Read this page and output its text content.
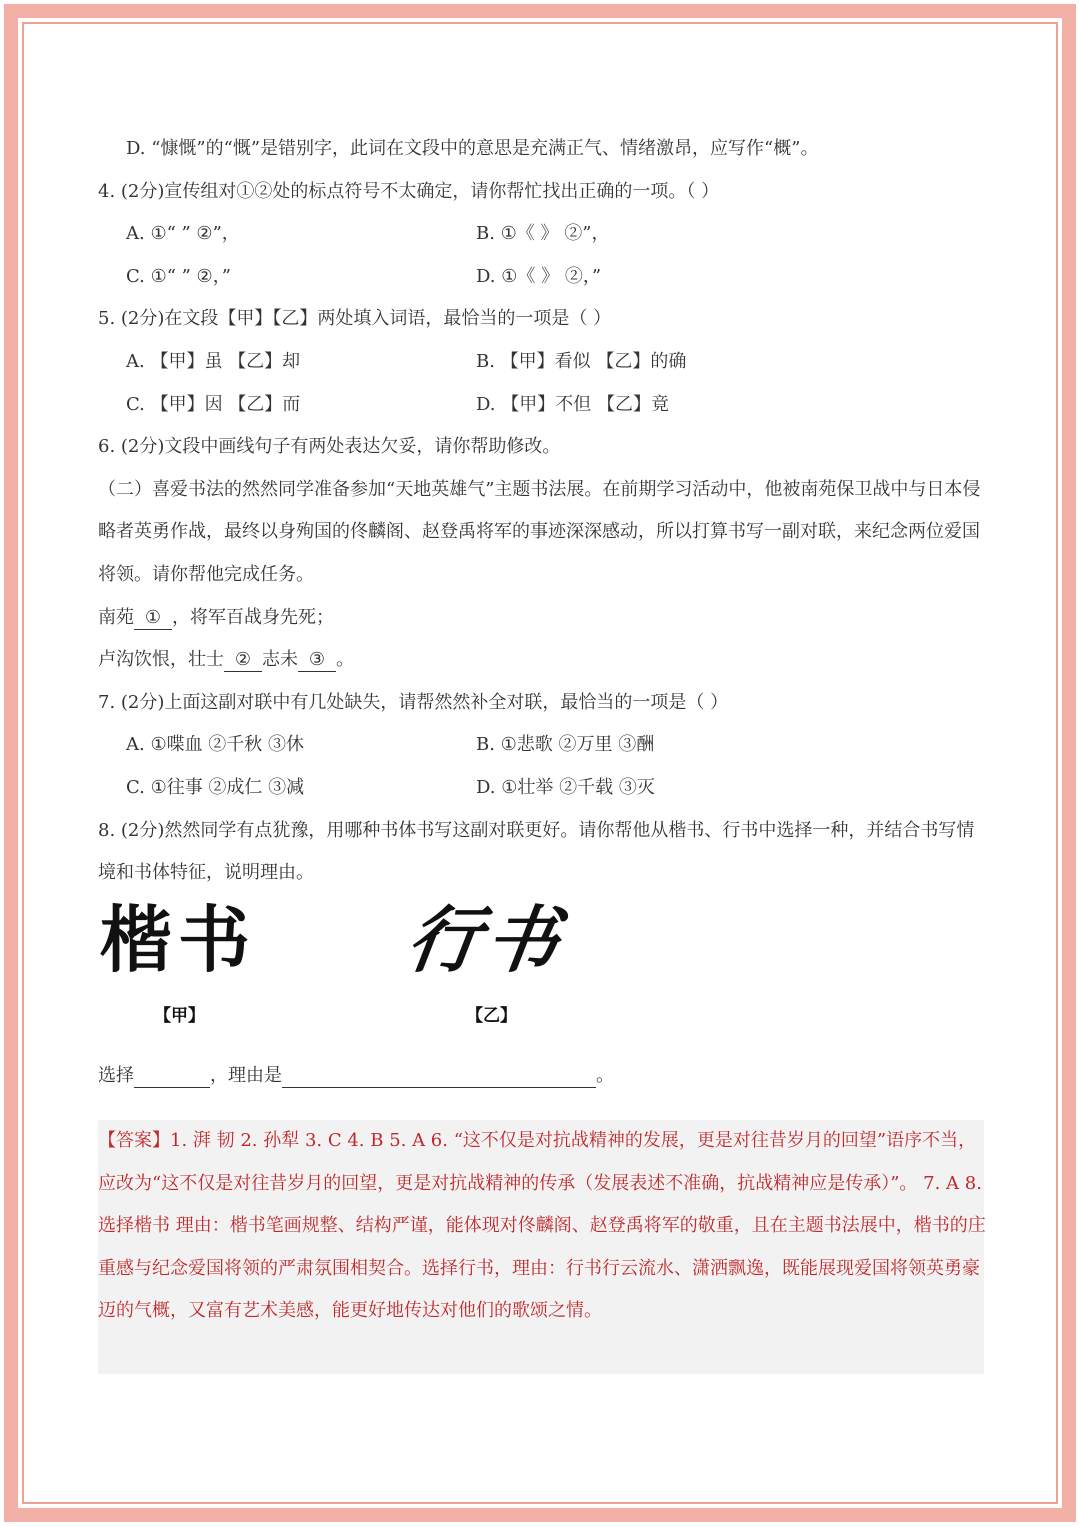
D. “慷慨”的“慨”是错别字，此词在文段中的意思是充满正气、情绪激昂，应写作“概”。
4. (2分)宣传组对①②处的标点符号不太确定，请你帮忙找出正确的一项。（ ）
A. ①“ ” ②”，	B. ①《 》 ②”，
C. ①“ ” ②，”	D. ①《 》 ②，”
5. (2分)在文段【甲】【乙】两处填入词语，最恰当的一项是（ ）
A. 【甲】虽 【乙】却	B. 【甲】看似 【乙】的确
C. 【甲】因 【乙】而	D. 【甲】不但 【乙】竟
6. (2分)文段中画线句子有两处表达欠妥，请你帮助修改。
（二）喜爱书法的然然同学准备参加“天地英雄气”主题书法展。在前期学习活动中，他被南苑保卫战中与日本侵略者英勇作战，最终以身殉国的佟麟阁、赵登禹将军的事迹深深感动，所以打算书写一副对联，来纪念两位爱国将领。请你帮他完成任务。
南苑 ① ，将军百战身先死；
卢沟饮恨，壮士 ② 志未 ③ 。
7. (2分)上面这副对联中有几处缺失，请帮然然补全对联，最恰当的一项是（ ）
A. ①喋血 ②千秋 ③休	B. ①悲歌 ②万里 ③酬
C. ①往事 ②成仁 ③减	D. ①壮举 ②千载 ③灭
8. (2分)然然同学有点犹豫，用哪种书体书写这副对联更好。请你帮他从楷书、行书中选择一种，并结合书写情境和书体特征，说明理由。
楷书
【甲】
行书
【乙】
选择	，理由是	。
【答案】1. 湃 韧 2. 孙犁 3. C 4. B 5. A 6. “这不仅是对抗战精神的发展，更是对往昔岁月的回望”语序不当，应改为“这不仅是对往昔岁月的回望，更是对抗战精神的传承（发展表述不准确，抗战精神应是传承）”。 7. A 8. 选择楷书 理由：楷书笔画规整、结构严谨，能体现对佟麟阁、赵登禹将军的敬重，且在主题书法展中，楷书的庄重感与纪念爱国将领的严肃氛围相契合。选择行书，理由：行书行云流水、潇洒飘逸，既能展现爱国将领英勇豪迈的气概，又富有艺术美感，能更好地传达对他们的歌颂之情。
